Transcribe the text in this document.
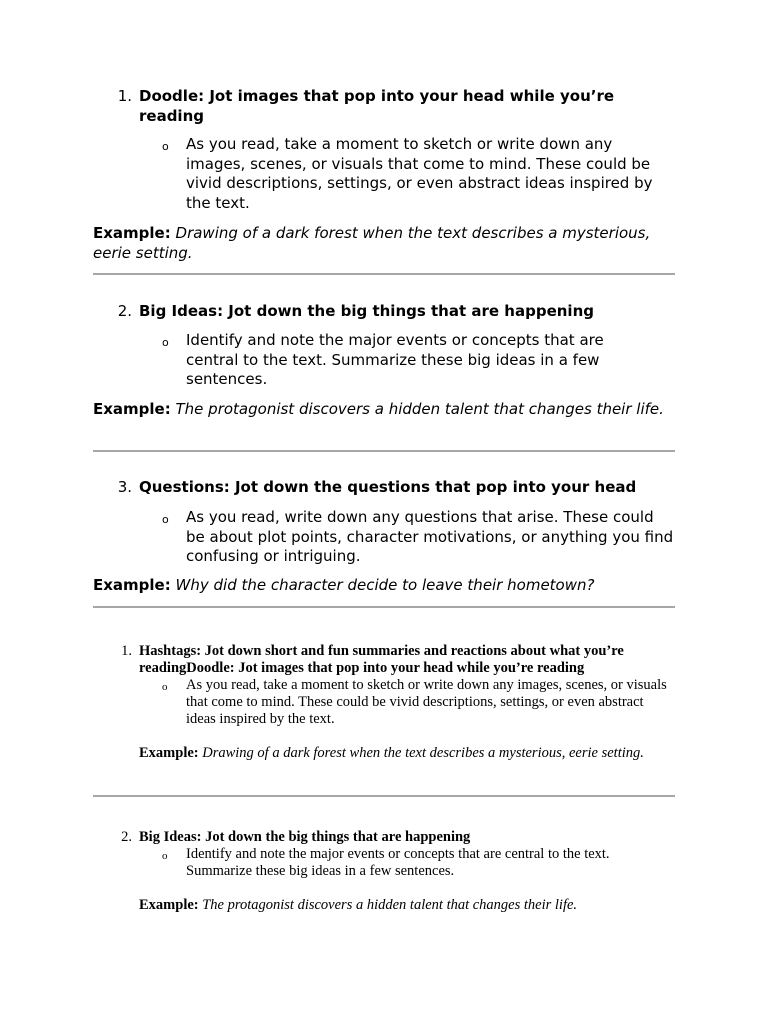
1. Doodle: Jot images that pop into your head while you’re reading
o As you read, take a moment to sketch or write down any images, scenes, or visuals that come to mind. These could be vivid descriptions, settings, or even abstract ideas inspired by the text.
Example: Drawing of a dark forest when the text describes a mysterious, eerie setting.
2. Big Ideas: Jot down the big things that are happening
o Identify and note the major events or concepts that are central to the text. Summarize these big ideas in a few sentences.
Example: The protagonist discovers a hidden talent that changes their life.
3. Questions: Jot down the questions that pop into your head
o As you read, write down any questions that arise. These could be about plot points, character motivations, or anything you find confusing or intriguing.
Example: Why did the character decide to leave their hometown?
1. Hashtags: Jot down short and fun summaries and reactions about what you’re readingDoodle: Jot images that pop into your head while you’re reading
o As you read, take a moment to sketch or write down any images, scenes, or visuals that come to mind. These could be vivid descriptions, settings, or even abstract ideas inspired by the text.
Example: Drawing of a dark forest when the text describes a mysterious, eerie setting.
2. Big Ideas: Jot down the big things that are happening
o Identify and note the major events or concepts that are central to the text. Summarize these big ideas in a few sentences.
Example: The protagonist discovers a hidden talent that changes their life.
